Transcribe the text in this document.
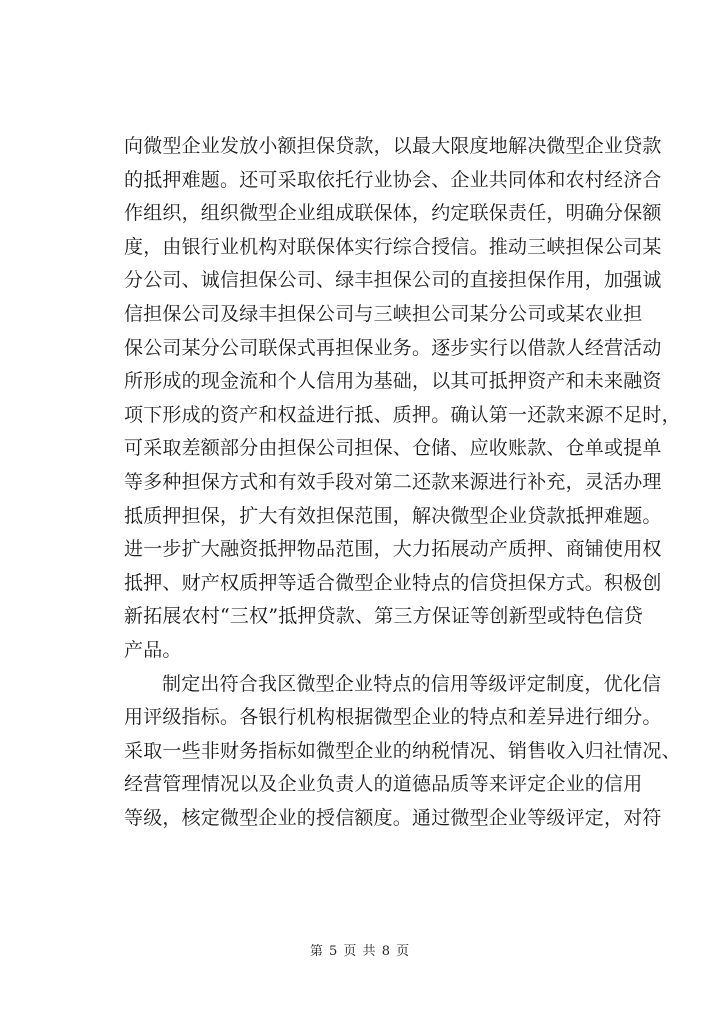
向微型企业发放小额担保贷款，以最大限度地解决微型企业贷款
的抵押难题。还可采取依托行业协会、企业共同体和农村经济合
作组织，组织微型企业组成联保体，约定联保责任，明确分保额
度，由银行业机构对联保体实行综合授信。推动三峡担保公司某
分公司、诚信担保公司、绿丰担保公司的直接担保作用，加强诚
信担保公司及绿丰担保公司与三峡担公司某分公司或某农业担
保公司某分公司联保式再担保业务。逐步实行以借款人经营活动
所形成的现金流和个人信用为基础，以其可抵押资产和未来融资
项下形成的资产和权益进行抵、质押。确认第一还款来源不足时，
可采取差额部分由担保公司担保、仓储、应收账款、仓单或提单
等多种担保方式和有效手段对第二还款来源进行补充，灵活办理
抵质押担保，扩大有效担保范围，解决微型企业贷款抵押难题。
进一步扩大融资抵押物品范围，大力拓展动产质押、商铺使用权
抵押、财产权质押等适合微型企业特点的信贷担保方式。积极创
新拓展农村“三权”抵押贷款、第三方保证等创新型或特色信贷
产品。
制定出符合我区微型企业特点的信用等级评定制度，优化信
用评级指标。各银行机构根据微型企业的特点和差异进行细分。
采取一些非财务指标如微型企业的纳税情况、销售收入归社情况、
经营管理情况以及企业负责人的道德品质等来评定企业的信用
等级，核定微型企业的授信额度。通过微型企业等级评定，对符
第 5 页 共 8 页
